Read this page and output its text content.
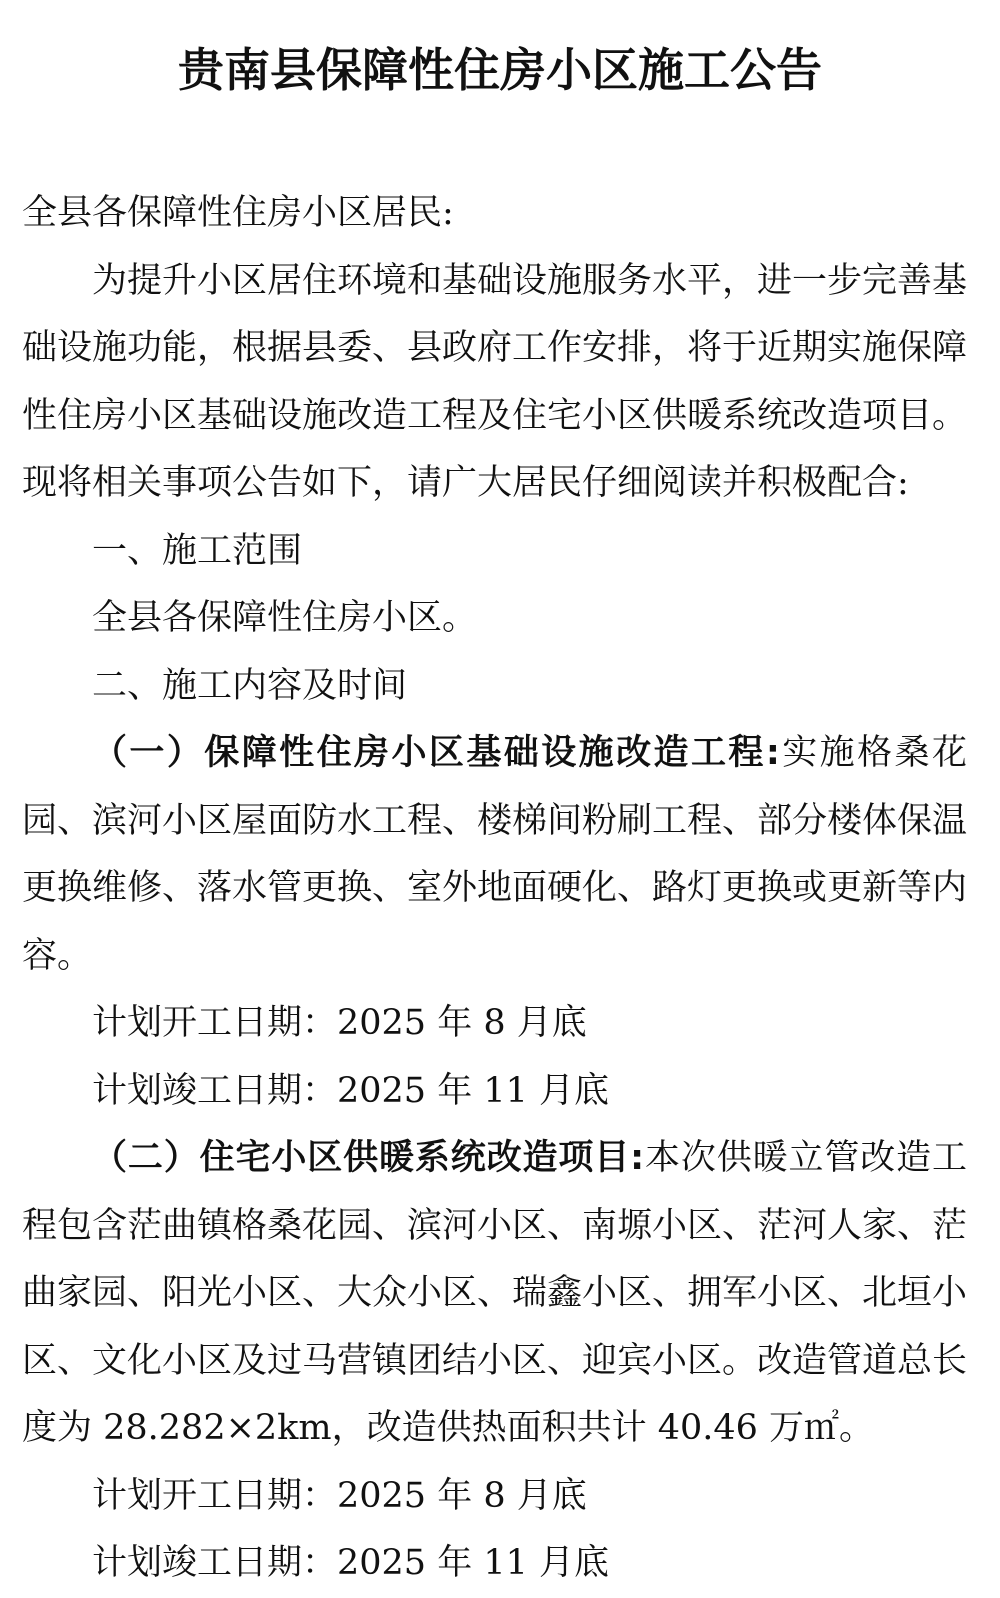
贵南县保障性住房小区施工公告

全县各保障性住房小区居民:

为提升小区居住环境和基础设施服务水平，进一步完善基础设施功能，根据县委、县政府工作安排，将于近期实施保障性住房小区基础设施改造工程及住宅小区供暖系统改造项目。现将相关事项公告如下，请广大居民仔细阅读并积极配合:

一、施工范围

全县各保障性住房小区。

二、施工内容及时间

（一）保障性住房小区基础设施改造工程:实施格桑花园、滨河小区屋面防水工程、楼梯间粉刷工程、部分楼体保温更换维修、落水管更换、室外地面硬化、路灯更换或更新等内容。

计划开工日期：2025 年 8 月底

计划竣工日期：2025 年 11 月底

（二）住宅小区供暖系统改造项目:本次供暖立管改造工程包含茫曲镇格桑花园、滨河小区、南塬小区、茫河人家、茫曲家园、阳光小区、大众小区、瑞鑫小区、拥军小区、北垣小区、文化小区及过马营镇团结小区、迎宾小区。改造管道总长度为 28.282×2km，改造供热面积共计 40.46 万㎡。

计划开工日期：2025 年 8 月底

计划竣工日期：2025 年 11 月底
